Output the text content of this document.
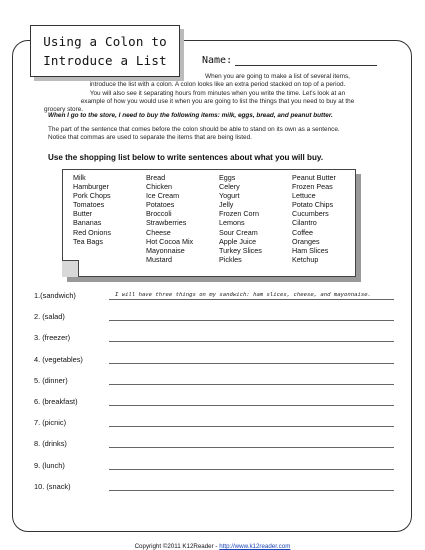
Using a Colon to
Introduce a List	Name:
When you are going to make a list of several items,
introduce the list with a colon. A colon looks like an extra period stacked on top of a period.
You will also see it separating hours from minutes when you write the time. Let's look at an
example of how you would use it when you are going to list the things that you need to buy at the
grocery store.
When I go to the store, I need to buy the following items: milk, eggs, bread, and peanut butter.
The part of the sentence that comes before the colon should be able to stand on its own as a sentence.
Notice that commas are used to separate the items that are being listed.
Use the shopping list below to write sentences about what you will buy.
Milk
Hamburger
Pork Chops
Tomatoes
Butter
Bananas
Red Onions
Tea Bags
Bread
Chicken
Ice Cream
Potatoes
Broccoli
Strawberries
Cheese
Hot Cocoa Mix
Mayonnaise
Mustard
Eggs
Celery
Yogurt
Jelly
Frozen Corn
Lemons
Sour Cream
Apple Juice
Turkey Slices
Pickles
Peanut Butter
Frozen Peas
Lettuce
Potato Chips
Cucumbers
Cilantro
Coffee
Oranges
Ham Slices
Ketchup
1.(sandwich)	I will have three things on my sandwich: ham slices, cheese, and mayonnaise.
2. (salad)
3. (freezer)
4. (vegetables)
5. (dinner)
6. (breakfast)
7. (picnic)
8. (drinks)
9. (lunch)
10. (snack)
Copyright ©2011 K12Reader - http://www.k12reader.com
